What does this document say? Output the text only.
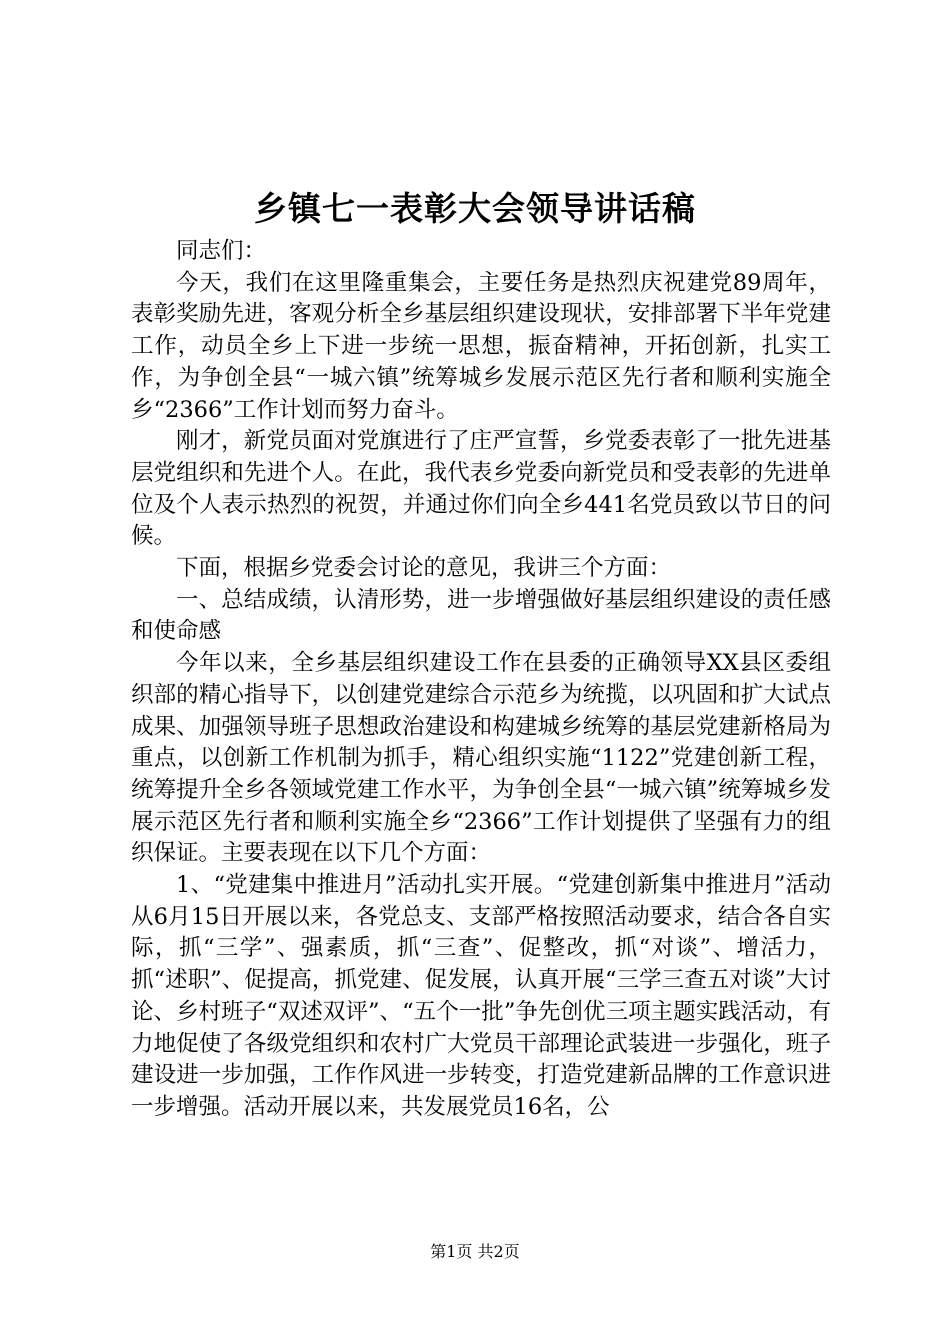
乡镇七一表彰大会领导讲话稿

同志们：

今天，我们在这里隆重集会，主要任务是热烈庆祝建党89周年，表彰奖励先进，客观分析全乡基层组织建设现状，安排部署下半年党建工作，动员全乡上下进一步统一思想，振奋精神，开拓创新，扎实工作，为争创全县“一城六镇”统筹城乡发展示范区先行者和顺利实施全乡“2366”工作计划而努力奋斗。

刚才，新党员面对党旗进行了庄严宣誓，乡党委表彰了一批先进基层党组织和先进个人。在此，我代表乡党委向新党员和受表彰的先进单位及个人表示热烈的祝贺，并通过你们向全乡441名党员致以节日的问候。

下面，根据乡党委会讨论的意见，我讲三个方面：

一、总结成绩，认清形势，进一步增强做好基层组织建设的责任感和使命感

今年以来，全乡基层组织建设工作在县委的正确领导XX县区委组织部的精心指导下，以创建党建综合示范乡为统揽，以巩固和扩大试点成果、加强领导班子思想政治建设和构建城乡统筹的基层党建新格局为重点，以创新工作机制为抓手，精心组织实施“1122”党建创新工程，统筹提升全乡各领域党建工作水平，为争创全县“一城六镇”统筹城乡发展示范区先行者和顺利实施全乡“2366”工作计划提供了坚强有力的组织保证。主要表现在以下几个方面：

1、“党建集中推进月”活动扎实开展。“党建创新集中推进月”活动从6月15日开展以来，各党总支、支部严格按照活动要求，结合各自实际，抓“三学”、强素质，抓“三查”、促整改，抓“对谈”、增活力，抓“述职”、促提高，抓党建、促发展，认真开展“三学三查五对谈”大讨论、乡村班子“双述双评”、“五个一批”争先创优三项主题实践活动，有力地促使了各级党组织和农村广大党员干部理论武装进一步强化，班子建设进一步加强，工作作风进一步转变，打造党建新品牌的工作意识进一步增强。活动开展以来，共发展党员16名，公

第1页 共2页
